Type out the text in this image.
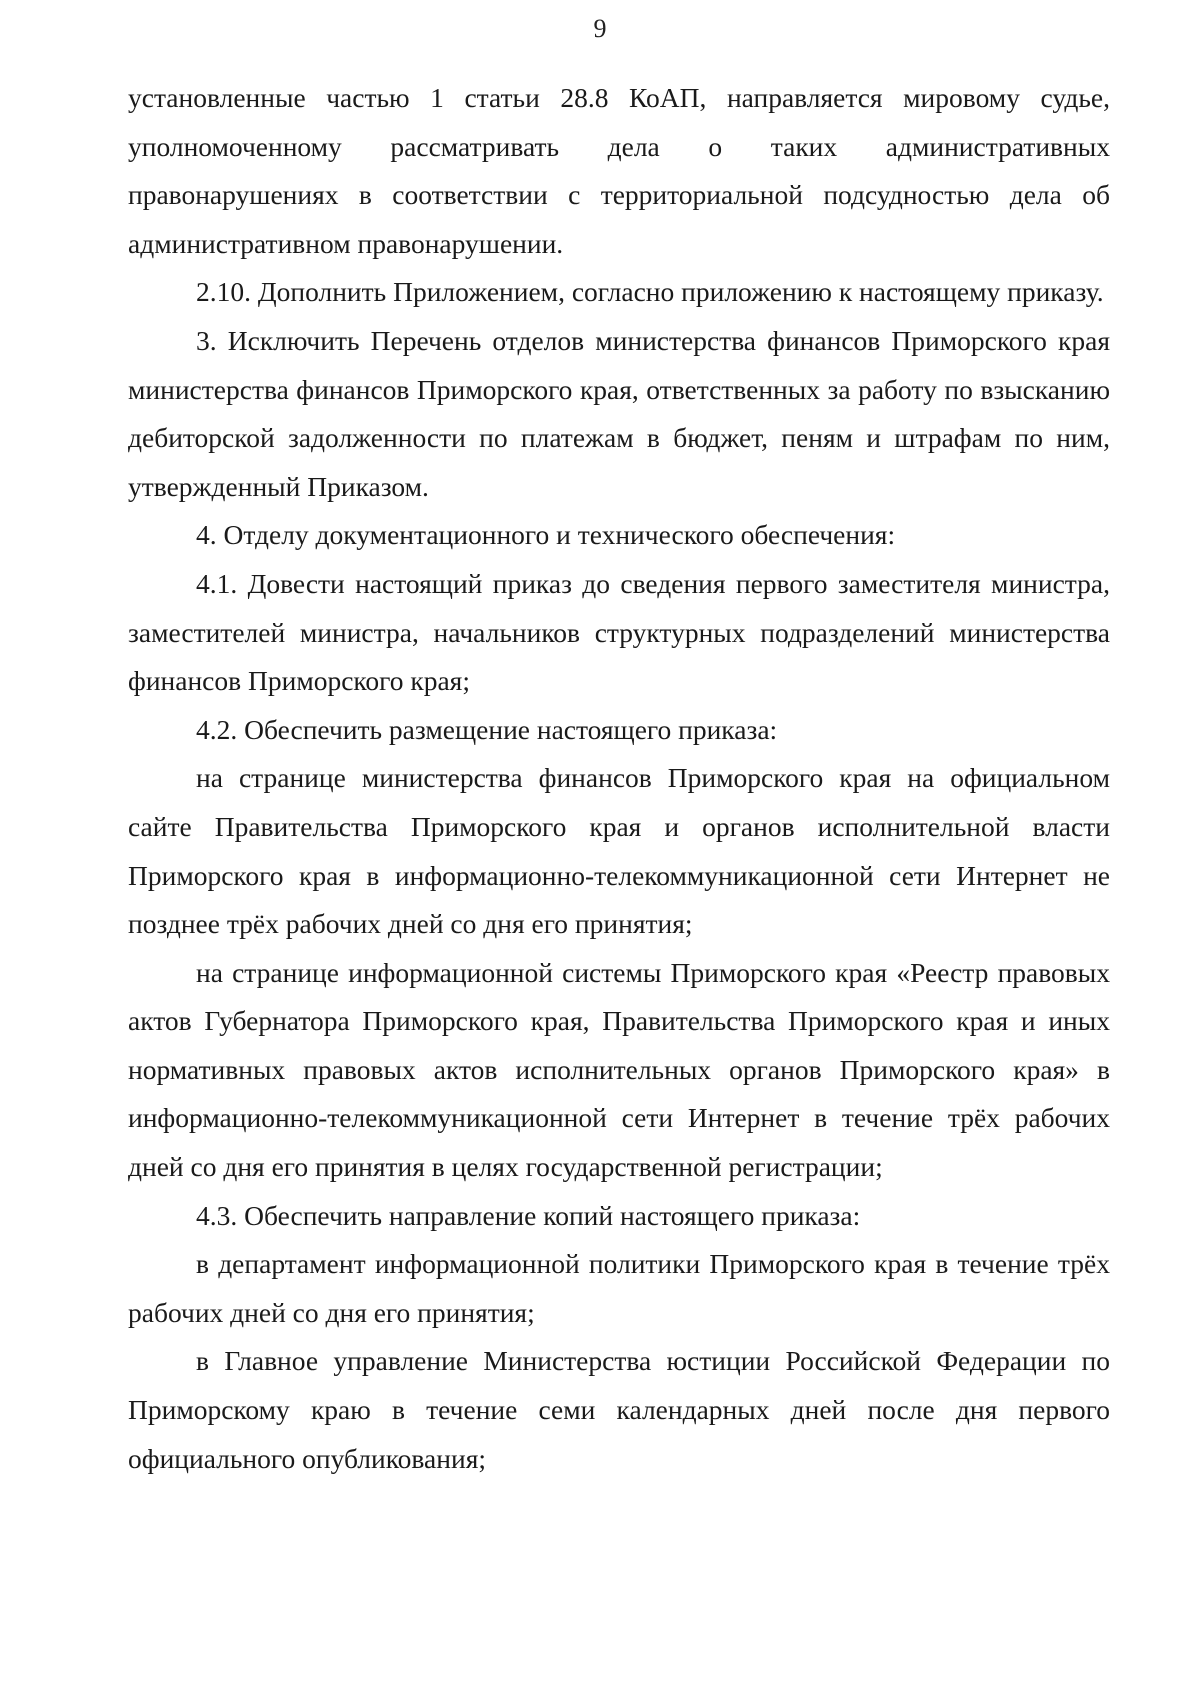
9

установленные частью 1 статьи 28.8 КоАП, направляется мировому судье, уполномоченному рассматривать дела о таких административных правонарушениях в соответствии с территориальной подсудностью дела об административном правонарушении.

2.10. Дополнить Приложением, согласно приложению к настоящему приказу.

3. Исключить Перечень отделов министерства финансов Приморского края министерства финансов Приморского края, ответственных за работу по взысканию дебиторской задолженности по платежам в бюджет, пеням и штрафам по ним, утвержденный Приказом.

4. Отделу документационного и технического обеспечения:

4.1. Довести настоящий приказ до сведения первого заместителя министра, заместителей министра, начальников структурных подразделений министерства финансов Приморского края;

4.2. Обеспечить размещение настоящего приказа:

на странице министерства финансов Приморского края на официальном сайте Правительства Приморского края и органов исполнительной власти Приморского края в информационно-телекоммуникационной сети Интернет не позднее трёх рабочих дней со дня его принятия;

на странице информационной системы Приморского края «Реестр правовых актов Губернатора Приморского края, Правительства Приморского края и иных нормативных правовых актов исполнительных органов Приморского края» в информационно-телекоммуникационной сети Интернет в течение трёх рабочих дней со дня его принятия в целях государственной регистрации;

4.3. Обеспечить направление копий настоящего приказа:

в департамент информационной политики Приморского края в течение трёх рабочих дней со дня его принятия;

в Главное управление Министерства юстиции Российской Федерации по Приморскому краю в течение семи календарных дней после дня первого официального опубликования;
